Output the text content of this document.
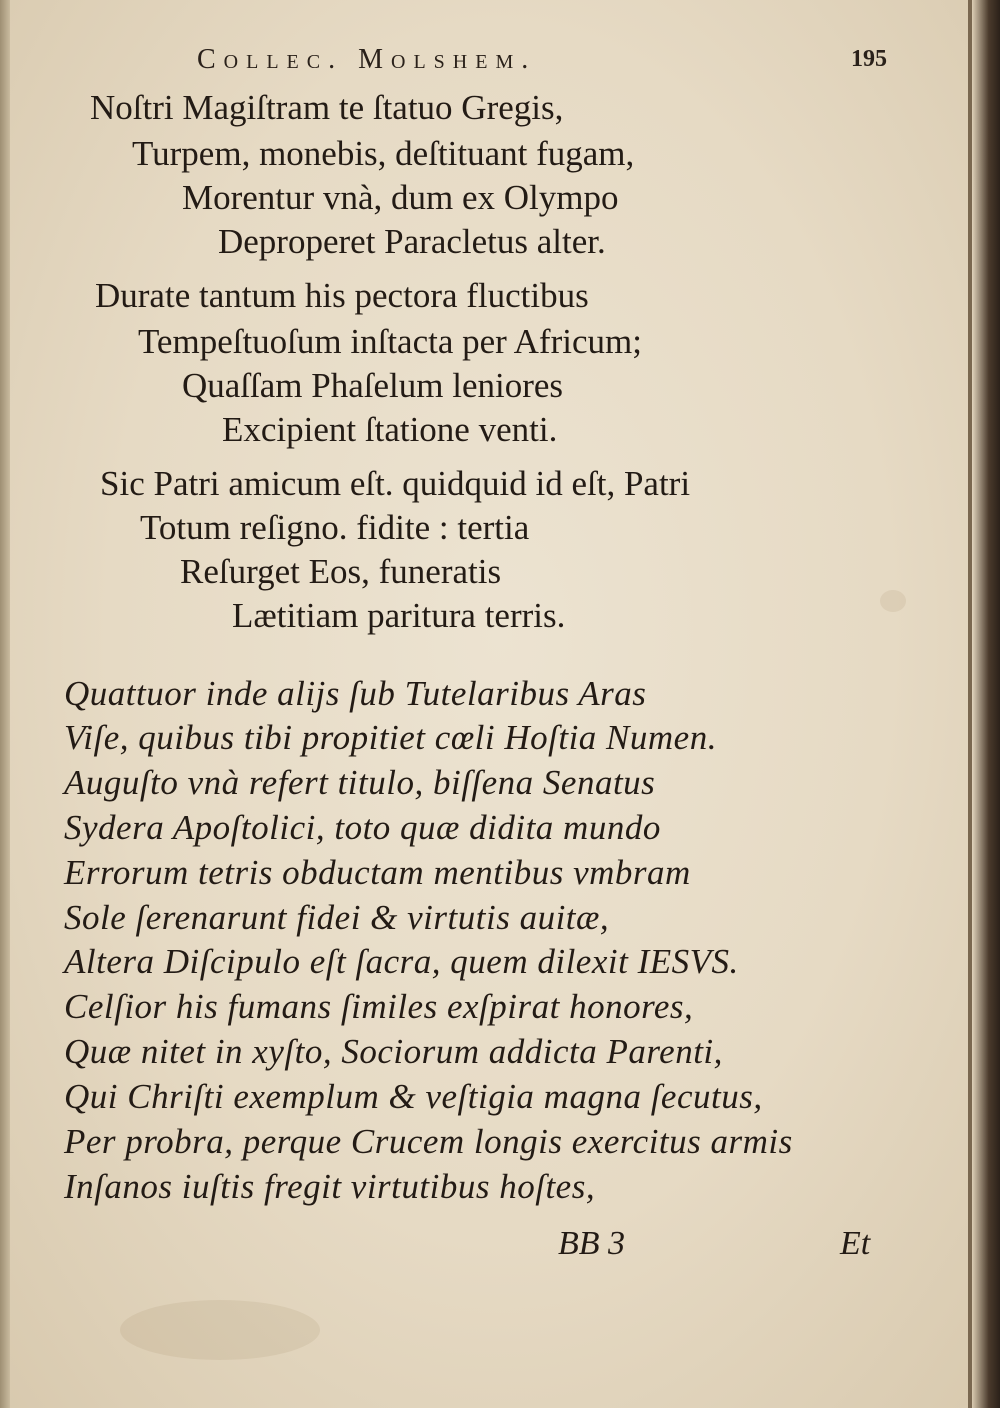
Collec. Molshem.	195

Noſtri Magiſtram te ſtatuo Gregis,

Turpem, monebis, deſtituant fugam,

Morentur vnà, dum ex Olympo

Deproperet Paracletus alter.

Durate tantum his pectora fluctibus

Tempeſtuoſum inſtacta per Africum;

Quaſſam Phaſelum leniores

Excipient ſtatione venti.

Sic Patri amicum eſt. quidquid id eſt, Patri

Totum reſigno. fidite : tertia

Reſurget Eos, funeratis

Lætitiam paritura terris.

Quattuor inde alijs ſub Tutelaribus Aras

Viſe, quibus tibi propitiet cœli Hoſtia Numen.

Auguſto vnà refert titulo, biſſena Senatus

Sydera Apoſtolici, toto quæ didita mundo

Errorum tetris obductam mentibus vmbram

Sole ſerenarunt fidei & virtutis auitæ,

Altera Diſcipulo eſt ſacra, quem dilexit IESVS.

Celſior his fumans ſimiles exſpirat honores,

Quæ nitet in xyſto, Sociorum addicta Parenti,

Qui Chriſti exemplum & veſtigia magna ſecutus,

Per probra, perque Crucem longis exercitus armis

Inſanos iuſtis fregit virtutibus hoſtes,

BB 3	Et
